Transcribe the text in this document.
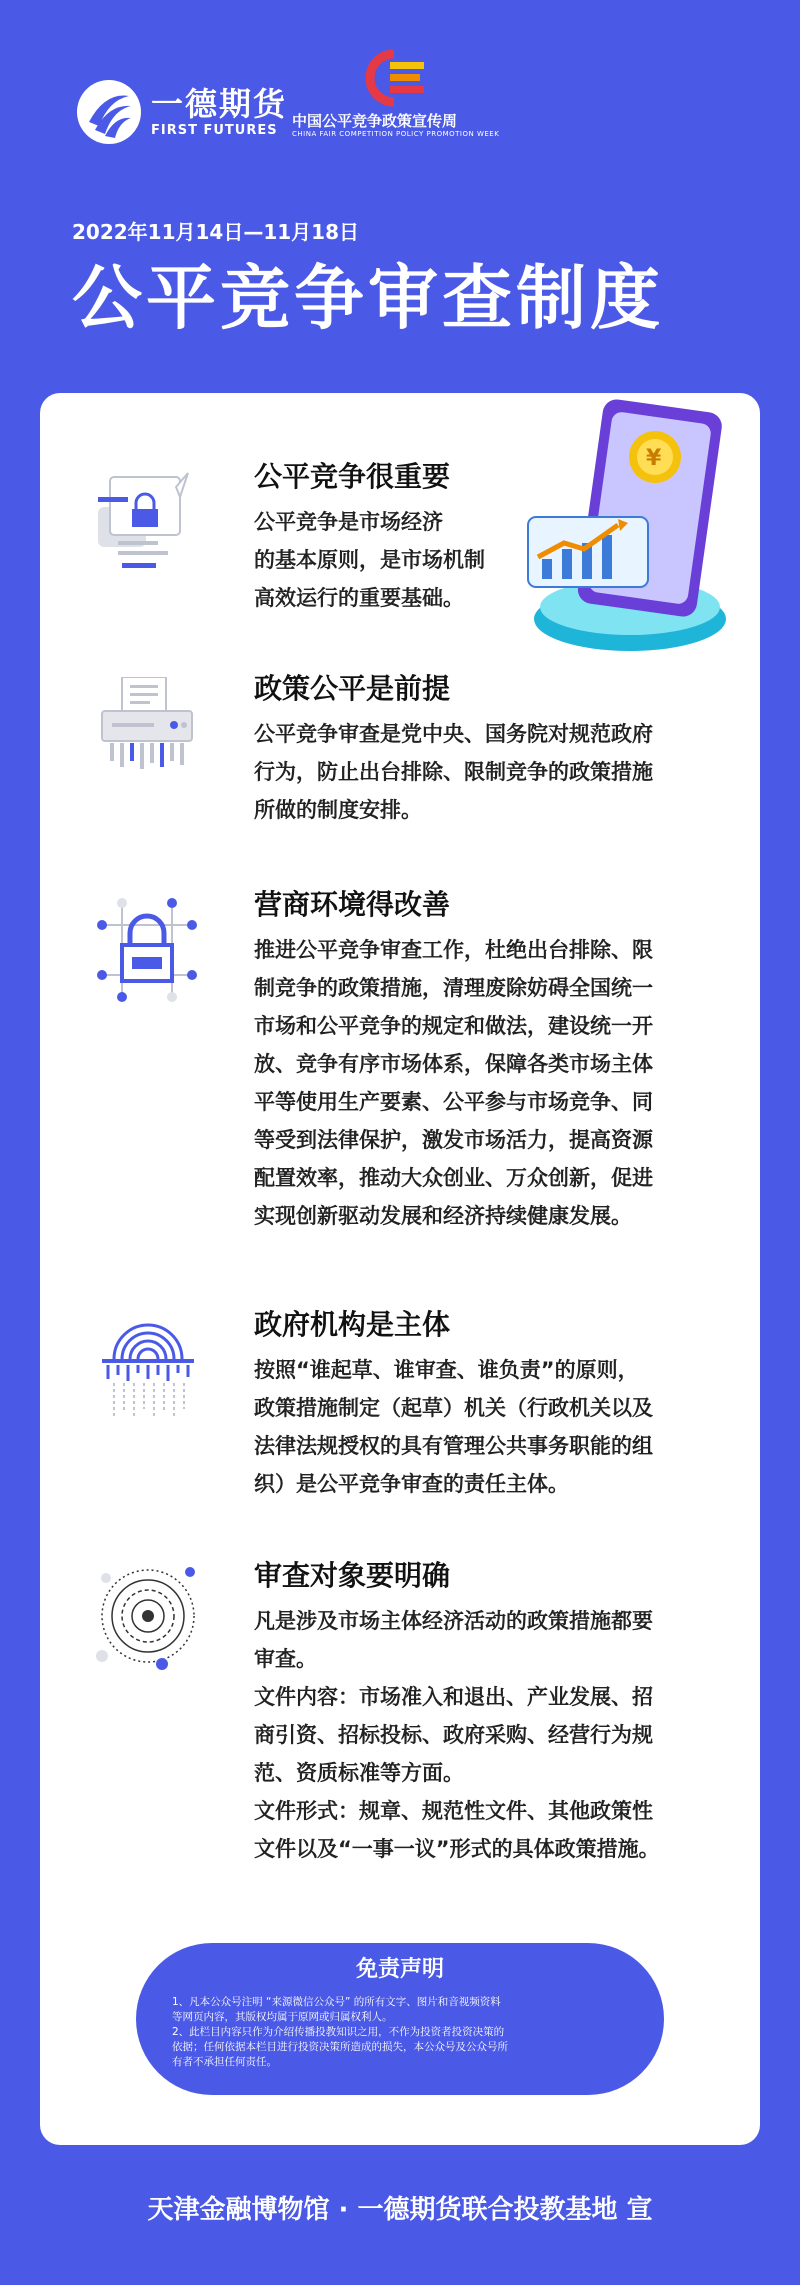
一德期货
FIRST FUTURES
中国公平竞争政策宣传周
CHINA FAIR COMPETITION POLICY PROMOTION WEEK
2022年11月14日—11月18日
公平竞争审查制度
¥
公平竞争很重要

公平竞争是市场经济

的基本原则，是市场机制

高效运行的重要基础。

政策公平是前提

公平竞争审查是党中央、国务院对规范政府

行为，防止出台排除、限制竞争的政策措施

所做的制度安排。

营商环境得改善

推进公平竞争审查工作，杜绝出台排除、限

制竞争的政策措施，清理废除妨碍全国统一

市场和公平竞争的规定和做法，建设统一开

放、竞争有序市场体系，保障各类市场主体

平等使用生产要素、公平参与市场竞争、同

等受到法律保护，激发市场活力，提高资源

配置效率，推动大众创业、万众创新，促进

实现创新驱动发展和经济持续健康发展。

政府机构是主体

按照“谁起草、谁审查、谁负责”的原则，

政策措施制定（起草）机关（行政机关以及

法律法规授权的具有管理公共事务职能的组

织）是公平竞争审查的责任主体。

审查对象要明确

凡是涉及市场主体经济活动的政策措施都要

审查。

文件内容：市场准入和退出、产业发展、招

商引资、招标投标、政府采购、经营行为规

范、资质标准等方面。

文件形式：规章、规范性文件、其他政策性

文件以及“一事一议”形式的具体政策措施。

免责声明

1、凡本公众号注明 “来源微信公众号” 的所有文字、图片和音视频资料

等网页内容，其版权均属于原网或归属权利人。

2、此栏目内容只作为介绍传播投教知识之用，不作为投资者投资决策的

依据；任何依据本栏目进行投资决策所造成的损失，本公众号及公众号所

有者不承担任何责任。

天津金融博物馆 · 一德期货联合投教基地 宣
